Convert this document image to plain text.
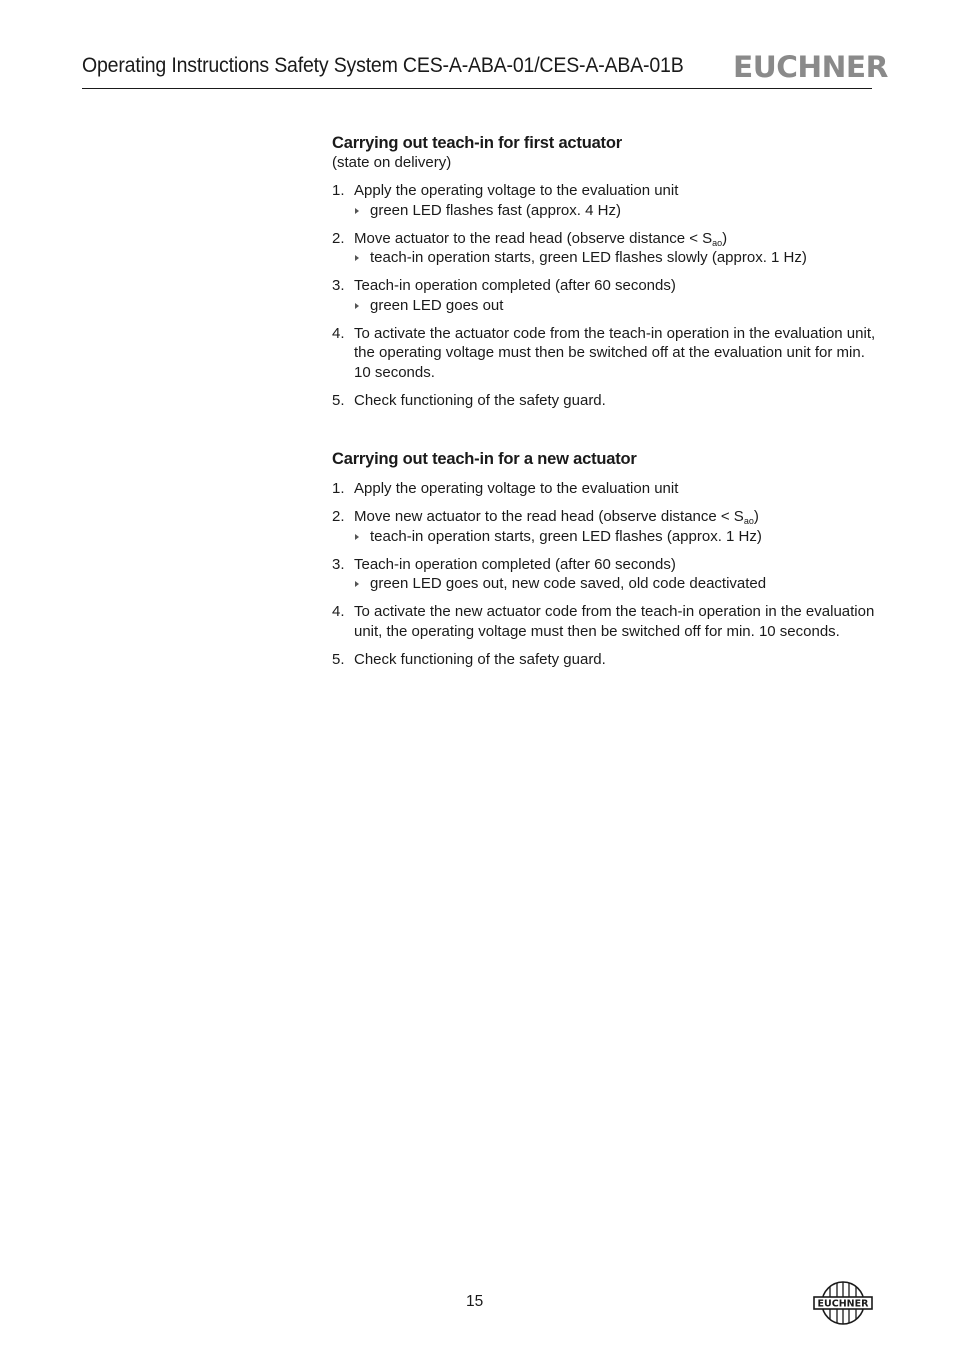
Operating Instructions Safety System CES-A-ABA-01/CES-A-ABA-01B EUCHNER
Carrying out teach-in for first actuator
(state on delivery)
1. Apply the operating voltage to the evaluation unit
green LED flashes fast (approx. 4 Hz)
2. Move actuator to the read head (observe distance < $S_{ao}$)
teach-in operation starts, green LED flashes slowly (approx. 1 Hz)
3. Teach-in operation completed (after 60 seconds)
green LED goes out
4. To activate the actuator code from the teach-in operation in the evaluation unit, the operating voltage must then be switched off at the evaluation unit for min. 10 seconds.
5. Check functioning of the safety guard.
Carrying out teach-in for a new actuator
1. Apply the operating voltage to the evaluation unit
2. Move new actuator to the read head (observe distance < $S_{ao}$)
teach-in operation starts, green LED flashes (approx. 1 Hz)
3. Teach-in operation completed (after 60 seconds)
green LED goes out, new code saved, old code deactivated
4. To activate the new actuator code from the teach-in operation in the evaluation unit, the operating voltage must then be switched off for min. 10 seconds.
5. Check functioning of the safety guard.
15	EUCHNER
